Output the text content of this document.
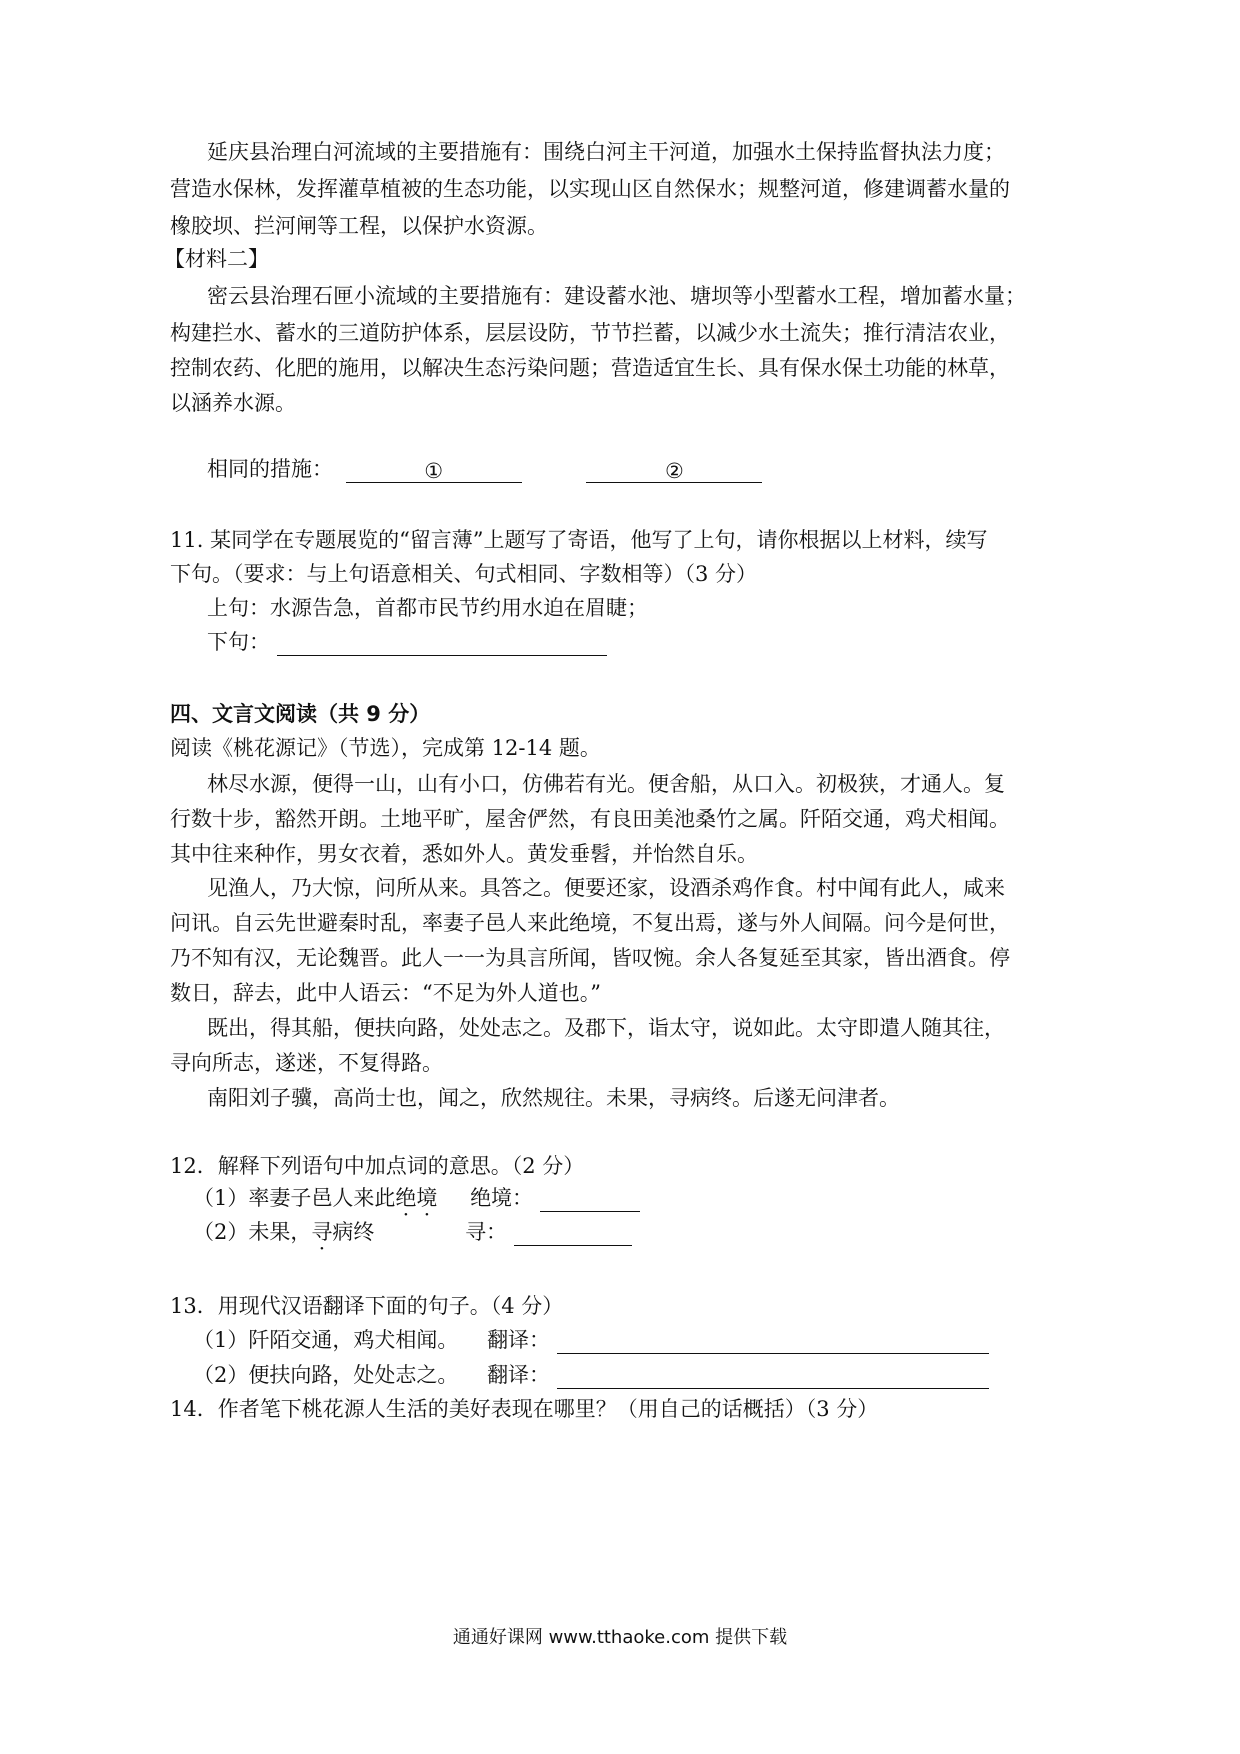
延庆县治理白河流域的主要措施有：围绕白河主干河道，加强水土保持监督执法力度；
营造水保林，发挥灌草植被的生态功能，以实现山区自然保水；规整河道，修建调蓄水量的
橡胶坝、拦河闸等工程，以保护水资源。
【材料二】
密云县治理石匣小流域的主要措施有：建设蓄水池、塘坝等小型蓄水工程，增加蓄水量；
构建拦水、蓄水的三道防护体系，层层设防，节节拦蓄，以减少水土流失；推行清洁农业，
控制农药、化肥的施用，以解决生态污染问题；营造适宜生长、具有保水保土功能的林草，
以涵养水源。
相同的措施：	①	②
11. 某同学在专题展览的“留言薄”上题写了寄语，他写了上句，请你根据以上材料，续写
下句。（要求：与上句语意相关、句式相同、字数相等）（3 分）
上句：水源告急，首都市民节约用水迫在眉睫；
下句：
四、文言文阅读（共 9 分）
阅读《桃花源记》（节选），完成第 12-14 题。
林尽水源，便得一山，山有小口，仿佛若有光。便舍船，从口入。初极狭，才通人。复
行数十步，豁然开朗。土地平旷，屋舍俨然，有良田美池桑竹之属。阡陌交通，鸡犬相闻。
其中往来种作，男女衣着，悉如外人。黄发垂髫，并怡然自乐。
见渔人，乃大惊，问所从来。具答之。便要还家，设酒杀鸡作食。村中闻有此人，咸来
问讯。自云先世避秦时乱，率妻子邑人来此绝境，不复出焉，遂与外人间隔。问今是何世，
乃不知有汉，无论魏晋。此人一一为具言所闻，皆叹惋。余人各复延至其家，皆出酒食。停
数日，辞去，此中人语云：“不足为外人道也。”
既出，得其船，便扶向路，处处志之。及郡下，诣太守，说如此。太守即遣人随其往，
寻向所志，遂迷，不复得路。
南阳刘子骥，高尚士也，闻之，欣然规往。未果，寻病终。后遂无问津者。
12．解释下列语句中加点词的意思。（2 分）
（1）率妻子邑人来此绝境 绝境：
（2）未果，寻病终	寻：
13．用现代汉语翻译下面的句子。（4 分）
（1）阡陌交通，鸡犬相闻。 翻译：
（2）便扶向路，处处志之。 翻译：
14．作者笔下桃花源人生活的美好表现在哪里？（用自己的话概括）（3 分）
通通好课网 www.tthaoke.com 提供下载
